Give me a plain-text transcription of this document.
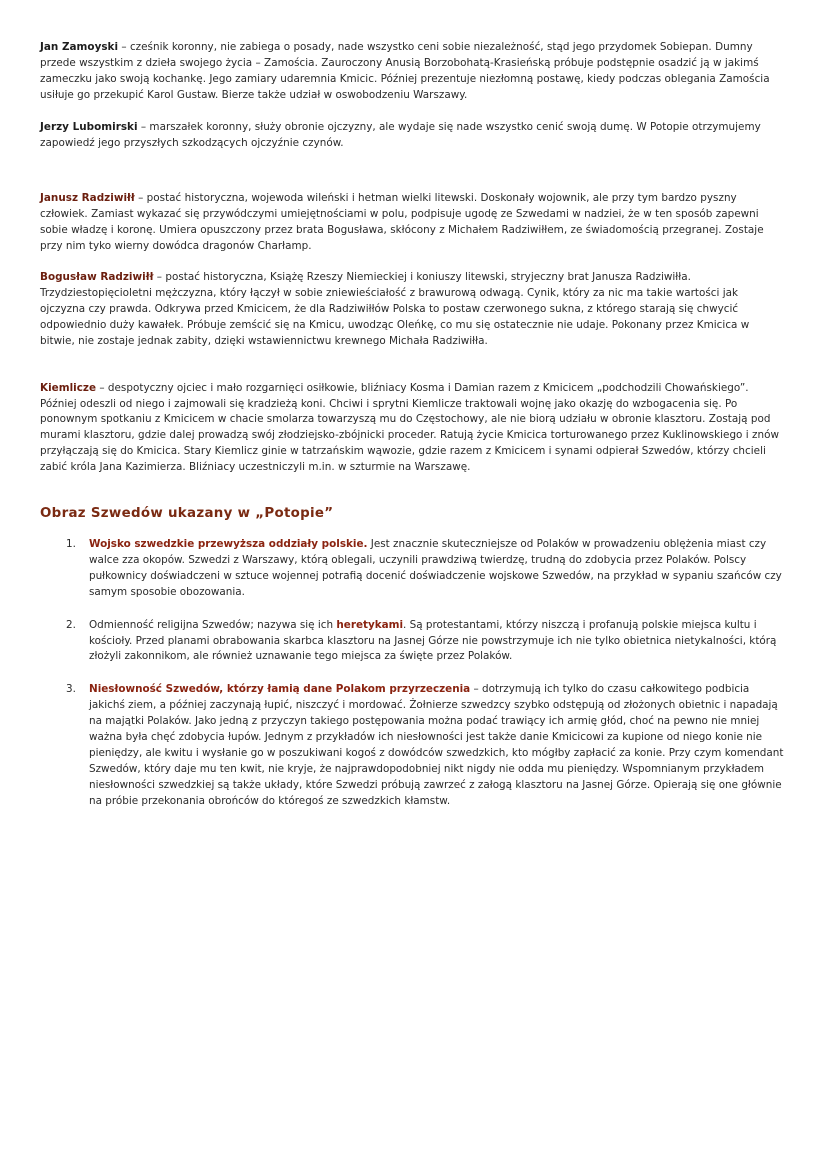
Jan Zamoyski – cześnik koronny, nie zabiega o posady, nade wszystko ceni sobie niezależność, stąd jego przydomek Sobiepan. Dumny przede wszystkim z dzieła swojego życia – Zamościa. Zauroczony Anusią Borzobohatą-Krasieńską próbuje podstępnie osadzić ją w jakimś zameczku jako swoją kochankę. Jego zamiary udaremnia Kmicic. Później prezentuje niezłomną postawę, kiedy podczas oblegania Zamościa usiłuje go przekupić Karol Gustaw. Bierze także udział w oswobodzeniu Warszawy.

Jerzy Lubomirski – marszałek koronny, służy obronie ojczyzny, ale wydaje się nade wszystko cenić swoją dumę. W Potopie otrzymujemy zapowiedź jego przyszłych szkodzących ojczyźnie czynów.

Janusz Radziwiłł – postać historyczna, wojewoda wileński i hetman wielki litewski. Doskonały wojownik, ale przy tym bardzo pyszny człowiek. Zamiast wykazać się przywódczymi umiejętnościami w polu, podpisuje ugodę ze Szwedami w nadziei, że w ten sposób zapewni sobie władzę i koronę. Umiera opuszczony przez brata Bogusława, skłócony z Michałem Radziwiłłem, ze świadomością przegranej. Zostaje przy nim tyko wierny dowódca dragonów Charłamp.

Bogusław Radziwiłł – postać historyczna, Książę Rzeszy Niemieckiej i koniuszy litewski, stryjeczny brat Janusza Radziwiłła. Trzydziestopięcioletni mężczyzna, który łączył w sobie zniewieściałość z brawurową odwagą. Cynik, który za nic ma takie wartości jak ojczyzna czy prawda. Odkrywa przed Kmicicem, że dla Radziwiłłów Polska to postaw czerwonego sukna, z którego starają się chwycić odpowiednio duży kawałek. Próbuje zemścić się na Kmicu, uwodząc Oleńkę, co mu się ostatecznie nie udaje. Pokonany przez Kmicica w bitwie, nie zostaje jednak zabity, dzięki wstawiennictwu krewnego Michała Radziwiłła.

Kiemlicze – despotyczny ojciec i mało rozgarnięci osiłkowie, bliźniacy Kosma i Damian razem z Kmicicem „podchodzili Chowańskiego”. Później odeszli od niego i zajmowali się kradzieżą koni. Chciwi i sprytni Kiemlicze traktowali wojnę jako okazję do wzbogacenia się. Po ponownym spotkaniu z Kmicicem w chacie smolarza towarzyszą mu do Częstochowy, ale nie biorą udziału w obronie klasztoru. Zostają pod murami klasztoru, gdzie dalej prowadzą swój złodziejsko-zbójnicki proceder. Ratują życie Kmicica torturowanego przez Kuklinowskiego i znów przyłączają się do Kmicica. Stary Kiemlicz ginie w tatrzańskim wąwozie, gdzie razem z Kmicicem i synami odpierał Szwedów, którzy chcieli zabić króla Jana Kazimierza. Bliźniacy uczestniczyli m.in. w szturmie na Warszawę.

Obraz Szwedów ukazany w „Potopie”
1. Wojsko szwedzkie przewyższa oddziały polskie. Jest znacznie skuteczniejsze od Polaków w prowadzeniu oblężenia miast czy walce zza okopów. Szwedzi z Warszawy, którą oblegali, uczynili prawdziwą twierdzę, trudną do zdobycia przez Polaków. Polscy pułkownicy doświadczeni w sztuce wojennej potrafią docenić doświadczenie wojskowe Szwedów, na przykład w sypaniu szańców czy samym sposobie obozowania.
2. Odmienność religijna Szwedów; nazywa się ich heretykami. Są protestantami, którzy niszczą i profanują polskie miejsca kultu i kościoły. Przed planami obrabowania skarbca klasztoru na Jasnej Górze nie powstrzymuje ich nie tylko obietnica nietykalności, którą złożyli zakonnikom, ale również uznawanie tego miejsca za święte przez Polaków.
3. Niesłowność Szwedów, którzy łamią dane Polakom przyrzeczenia – dotrzymują ich tylko do czasu całkowitego podbicia jakichś ziem, a później zaczynają łupić, niszczyć i mordować. Żołnierze szwedzcy szybko odstępują od złożonych obietnic i napadają na majątki Polaków. Jako jedną z przyczyn takiego postępowania można podać trawiący ich armię głód, choć na pewno nie mniej ważna była chęć zdobycia łupów. Jednym z przykładów ich niesłowności jest także danie Kmicicowi za kupione od niego konie nie pieniędzy, ale kwitu i wysłanie go w poszukiwani kogoś z dowódców szwedzkich, kto mógłby zapłacić za konie. Przy czym komendant Szwedów, który daje mu ten kwit, nie kryje, że najprawdopodobniej nikt nigdy nie odda mu pieniędzy. Wspomnianym przykładem niesłowności szwedzkiej są także układy, które Szwedzi próbują zawrzeć z załogą klasztoru na Jasnej Górze. Opierają się one głównie na próbie przekonania obrońców do któregoś ze szwedzkich kłamstw.
